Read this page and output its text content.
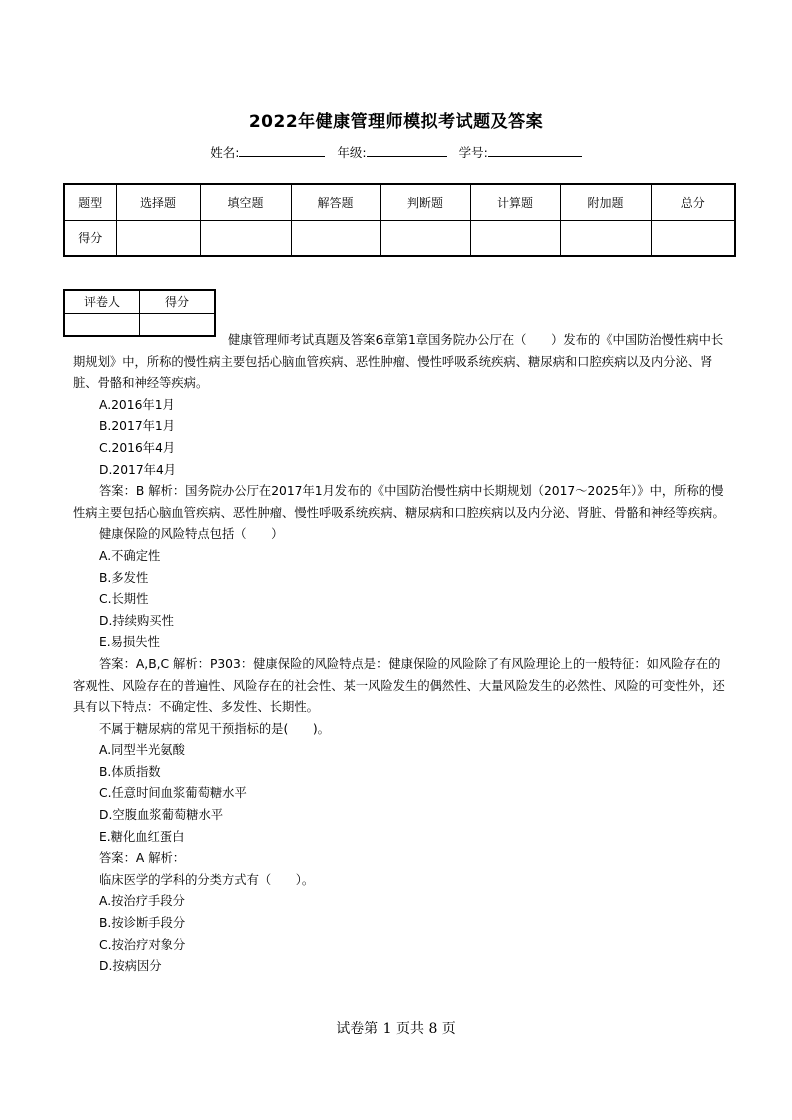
2022年健康管理师模拟考试题及答案
姓名:	年级:	学号:
题型	选择题	填空题	解答题	判断题	计算题	附加题	总分
得分							
评卷人	得分

健康管理师考试真题及答案6章第1章国务院办公厅在（　　）发布的《中国防治慢性病中长期规划》中，所称的慢性病主要包括心脑血管疾病、恶性肿瘤、慢性呼吸系统疾病、糖尿病和口腔疾病以及内分泌、肾脏、骨骼和神经等疾病。

A.2016年1月

B.2017年1月

C.2016年4月

D.2017年4月

答案：B 解析：国务院办公厅在2017年1月发布的《中国防治慢性病中长期规划（2017～2025年）》中，所称的慢性病主要包括心脑血管疾病、恶性肿瘤、慢性呼吸系统疾病、糖尿病和口腔疾病以及内分泌、肾脏、骨骼和神经等疾病。

健康保险的风险特点包括（　　）

A.不确定性

B.多发性

C.长期性

D.持续购买性

E.易损失性

答案：A,B,C 解析：P303：健康保险的风险特点是：健康保险的风险除了有风险理论上的一般特征：如风险存在的客观性、风险存在的普遍性、风险存在的社会性、某一风险发生的偶然性、大量风险发生的必然性、风险的可变性外，还具有以下特点：不确定性、多发性、长期性。

不属于糖尿病的常见干预指标的是(　　)。

A.同型半光氨酸

B.体质指数

C.任意时间血浆葡萄糖水平

D.空腹血浆葡萄糖水平

E.糖化血红蛋白

答案：A 解析：

临床医学的学科的分类方式有（　　）。

A.按治疗手段分

B.按诊断手段分

C.按治疗对象分

D.按病因分

试卷第 1 页共 8 页
